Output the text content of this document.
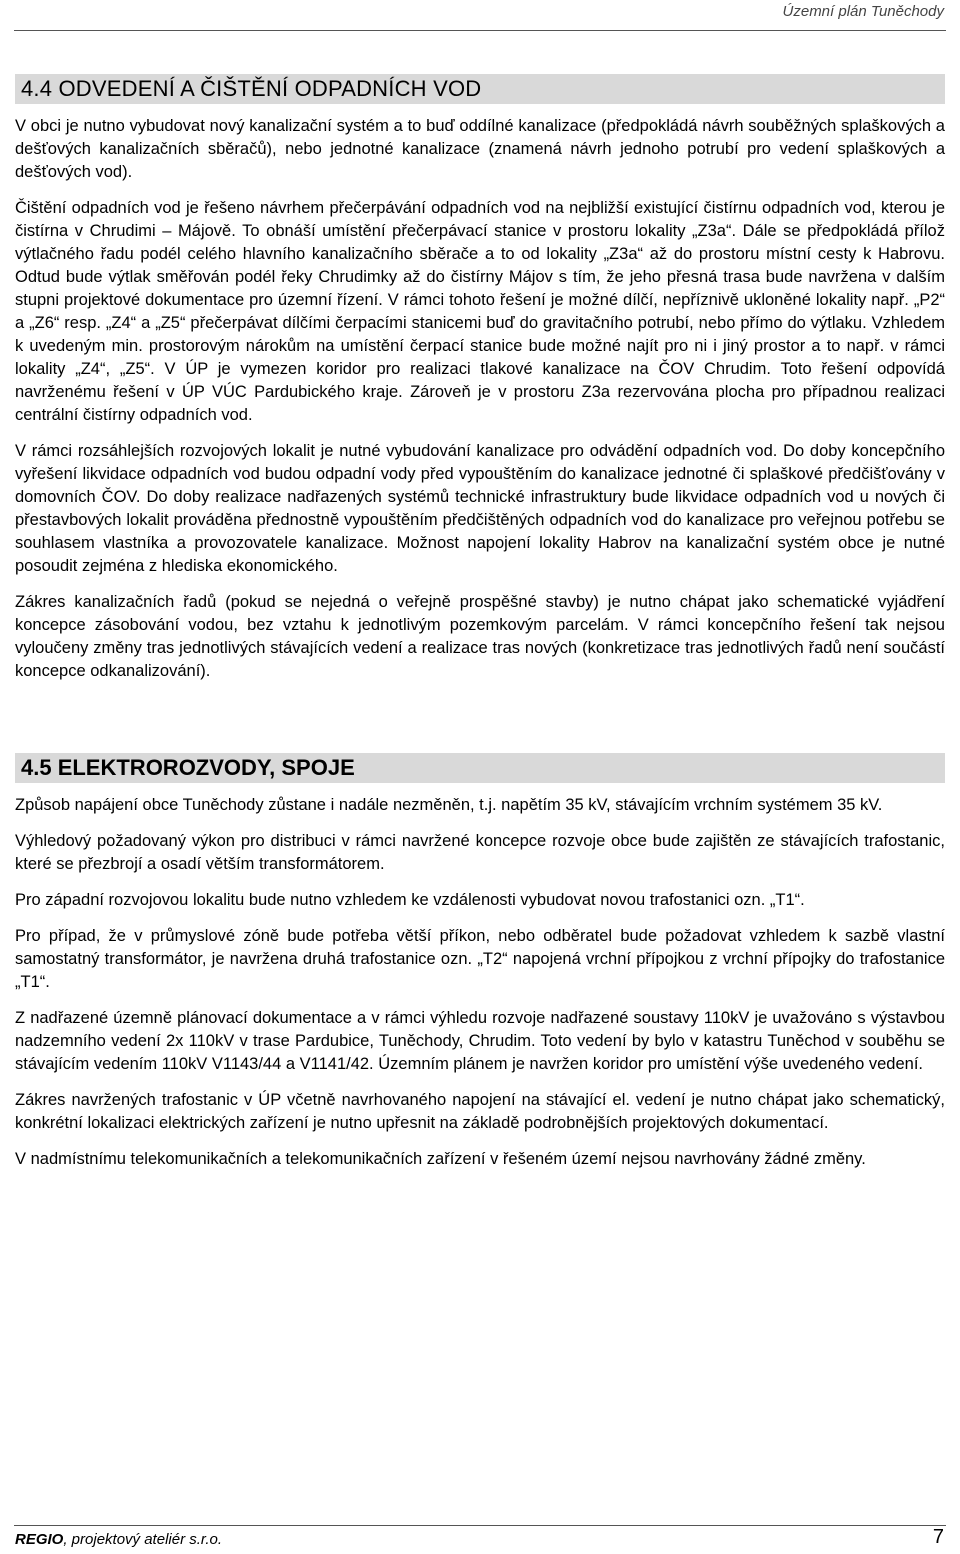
Územní plán Tuněchody
4.4 ODVEDENÍ A ČIŠTĚNÍ ODPADNÍCH VOD

V obci je nutno vybudovat nový kanalizační systém a to buď oddílné kanalizace (předpokládá návrh souběžných splaškových a dešťových kanalizačních sběračů), nebo jednotné kanalizace (znamená návrh jednoho potrubí pro vedení splaškových a dešťových vod).

Čištění odpadních vod je řešeno návrhem přečerpávání odpadních vod na nejbližší existující čistírnu odpadních vod, kterou je čistírna v Chrudimi – Májově. To obnáší umístění přečerpávací stanice v prostoru lokality „Z3a“. Dále se předpokládá přílož výtlačného řadu podél celého hlavního kanalizačního sběrače a to od lokality „Z3a“ až do prostoru místní cesty k Habrovu. Odtud bude výtlak směřován podél řeky Chrudimky až do čistírny Májov s tím, že jeho přesná trasa bude navržena v dalším stupni projektové dokumentace pro územní řízení. V rámci tohoto řešení je možné dílčí, nepříznivě ukloněné lokality např. „P2“ a „Z6“ resp. „Z4“ a „Z5“ přečerpávat dílčími čerpacími stanicemi buď do gravitačního potrubí, nebo přímo do výtlaku. Vzhledem k uvedeným min. prostorovým nárokům na umístění čerpací stanice bude možné najít pro ni i jiný prostor a to např. v rámci lokality „Z4“, „Z5“. V ÚP je vymezen koridor pro realizaci tlakové kanalizace na ČOV Chrudim. Toto řešení odpovídá navrženému řešení v ÚP VÚC Pardubického kraje. Zároveň je v prostoru Z3a rezervována plocha pro případnou realizaci centrální čistírny odpadních vod.

V rámci rozsáhlejších rozvojových lokalit je nutné vybudování kanalizace pro odvádění odpadních vod. Do doby koncepčního vyřešení likvidace odpadních vod budou odpadní vody před vypouštěním do kanalizace jednotné či splaškové předčišťovány v domovních ČOV. Do doby realizace nadřazených systémů technické infrastruktury bude likvidace odpadních vod u nových či přestavbových lokalit prováděna přednostně vypouštěním předčištěných odpadních vod do kanalizace pro veřejnou potřebu se souhlasem vlastníka a provozovatele kanalizace. Možnost napojení lokality Habrov na kanalizační systém obce je nutné posoudit zejména z hlediska ekonomického.

Zákres kanalizačních řadů (pokud se nejedná o veřejně prospěšné stavby) je nutno chápat jako schematické vyjádření koncepce zásobování vodou, bez vztahu k jednotlivým pozemkovým parcelám. V rámci koncepčního řešení tak nejsou vyloučeny změny tras jednotlivých stávajících vedení a realizace tras nových (konkretizace tras jednotlivých řadů není součástí koncepce odkanalizování).

4.5 ELEKTROROZVODY, SPOJE

Způsob napájení obce Tuněchody zůstane i nadále nezměněn, t.j. napětím 35 kV, stávajícím vrchním systémem 35 kV.

Výhledový požadovaný výkon pro distribuci v rámci navržené koncepce rozvoje obce bude zajištěn ze stávajících trafostanic, které se přezbrojí a osadí větším transformátorem.

Pro západní rozvojovou lokalitu bude nutno vzhledem ke vzdálenosti vybudovat novou trafostanici ozn. „T1“.

Pro případ, že v průmyslové zóně bude potřeba větší příkon, nebo odběratel bude požadovat vzhledem k sazbě vlastní samostatný transformátor, je navržena druhá trafostanice ozn. „T2“ napojená vrchní přípojkou z vrchní přípojky do trafostanice „T1“.

Z nadřazené územně plánovací dokumentace a v rámci výhledu rozvoje nadřazené soustavy 110kV je uvažováno s výstavbou nadzemního vedení 2x 110kV v trase Pardubice, Tuněchody, Chrudim. Toto vedení by bylo v katastru Tuněchod v souběhu se stávajícím vedením 110kV V1143/44 a V1141/42. Územním plánem je navržen koridor pro umístění výše uvedeného vedení.

Zákres navržených trafostanic v ÚP včetně navrhovaného napojení na stávající el. vedení je nutno chápat jako schematický, konkrétní lokalizaci elektrických zařízení je nutno upřesnit na základě podrobnějších projektových dokumentací.

V nadmístnímu telekomunikačních a telekomunikačních zařízení v řešeném území nejsou navrhovány žádné změny.

REGIO, projektový ateliér s.r.o.	7
